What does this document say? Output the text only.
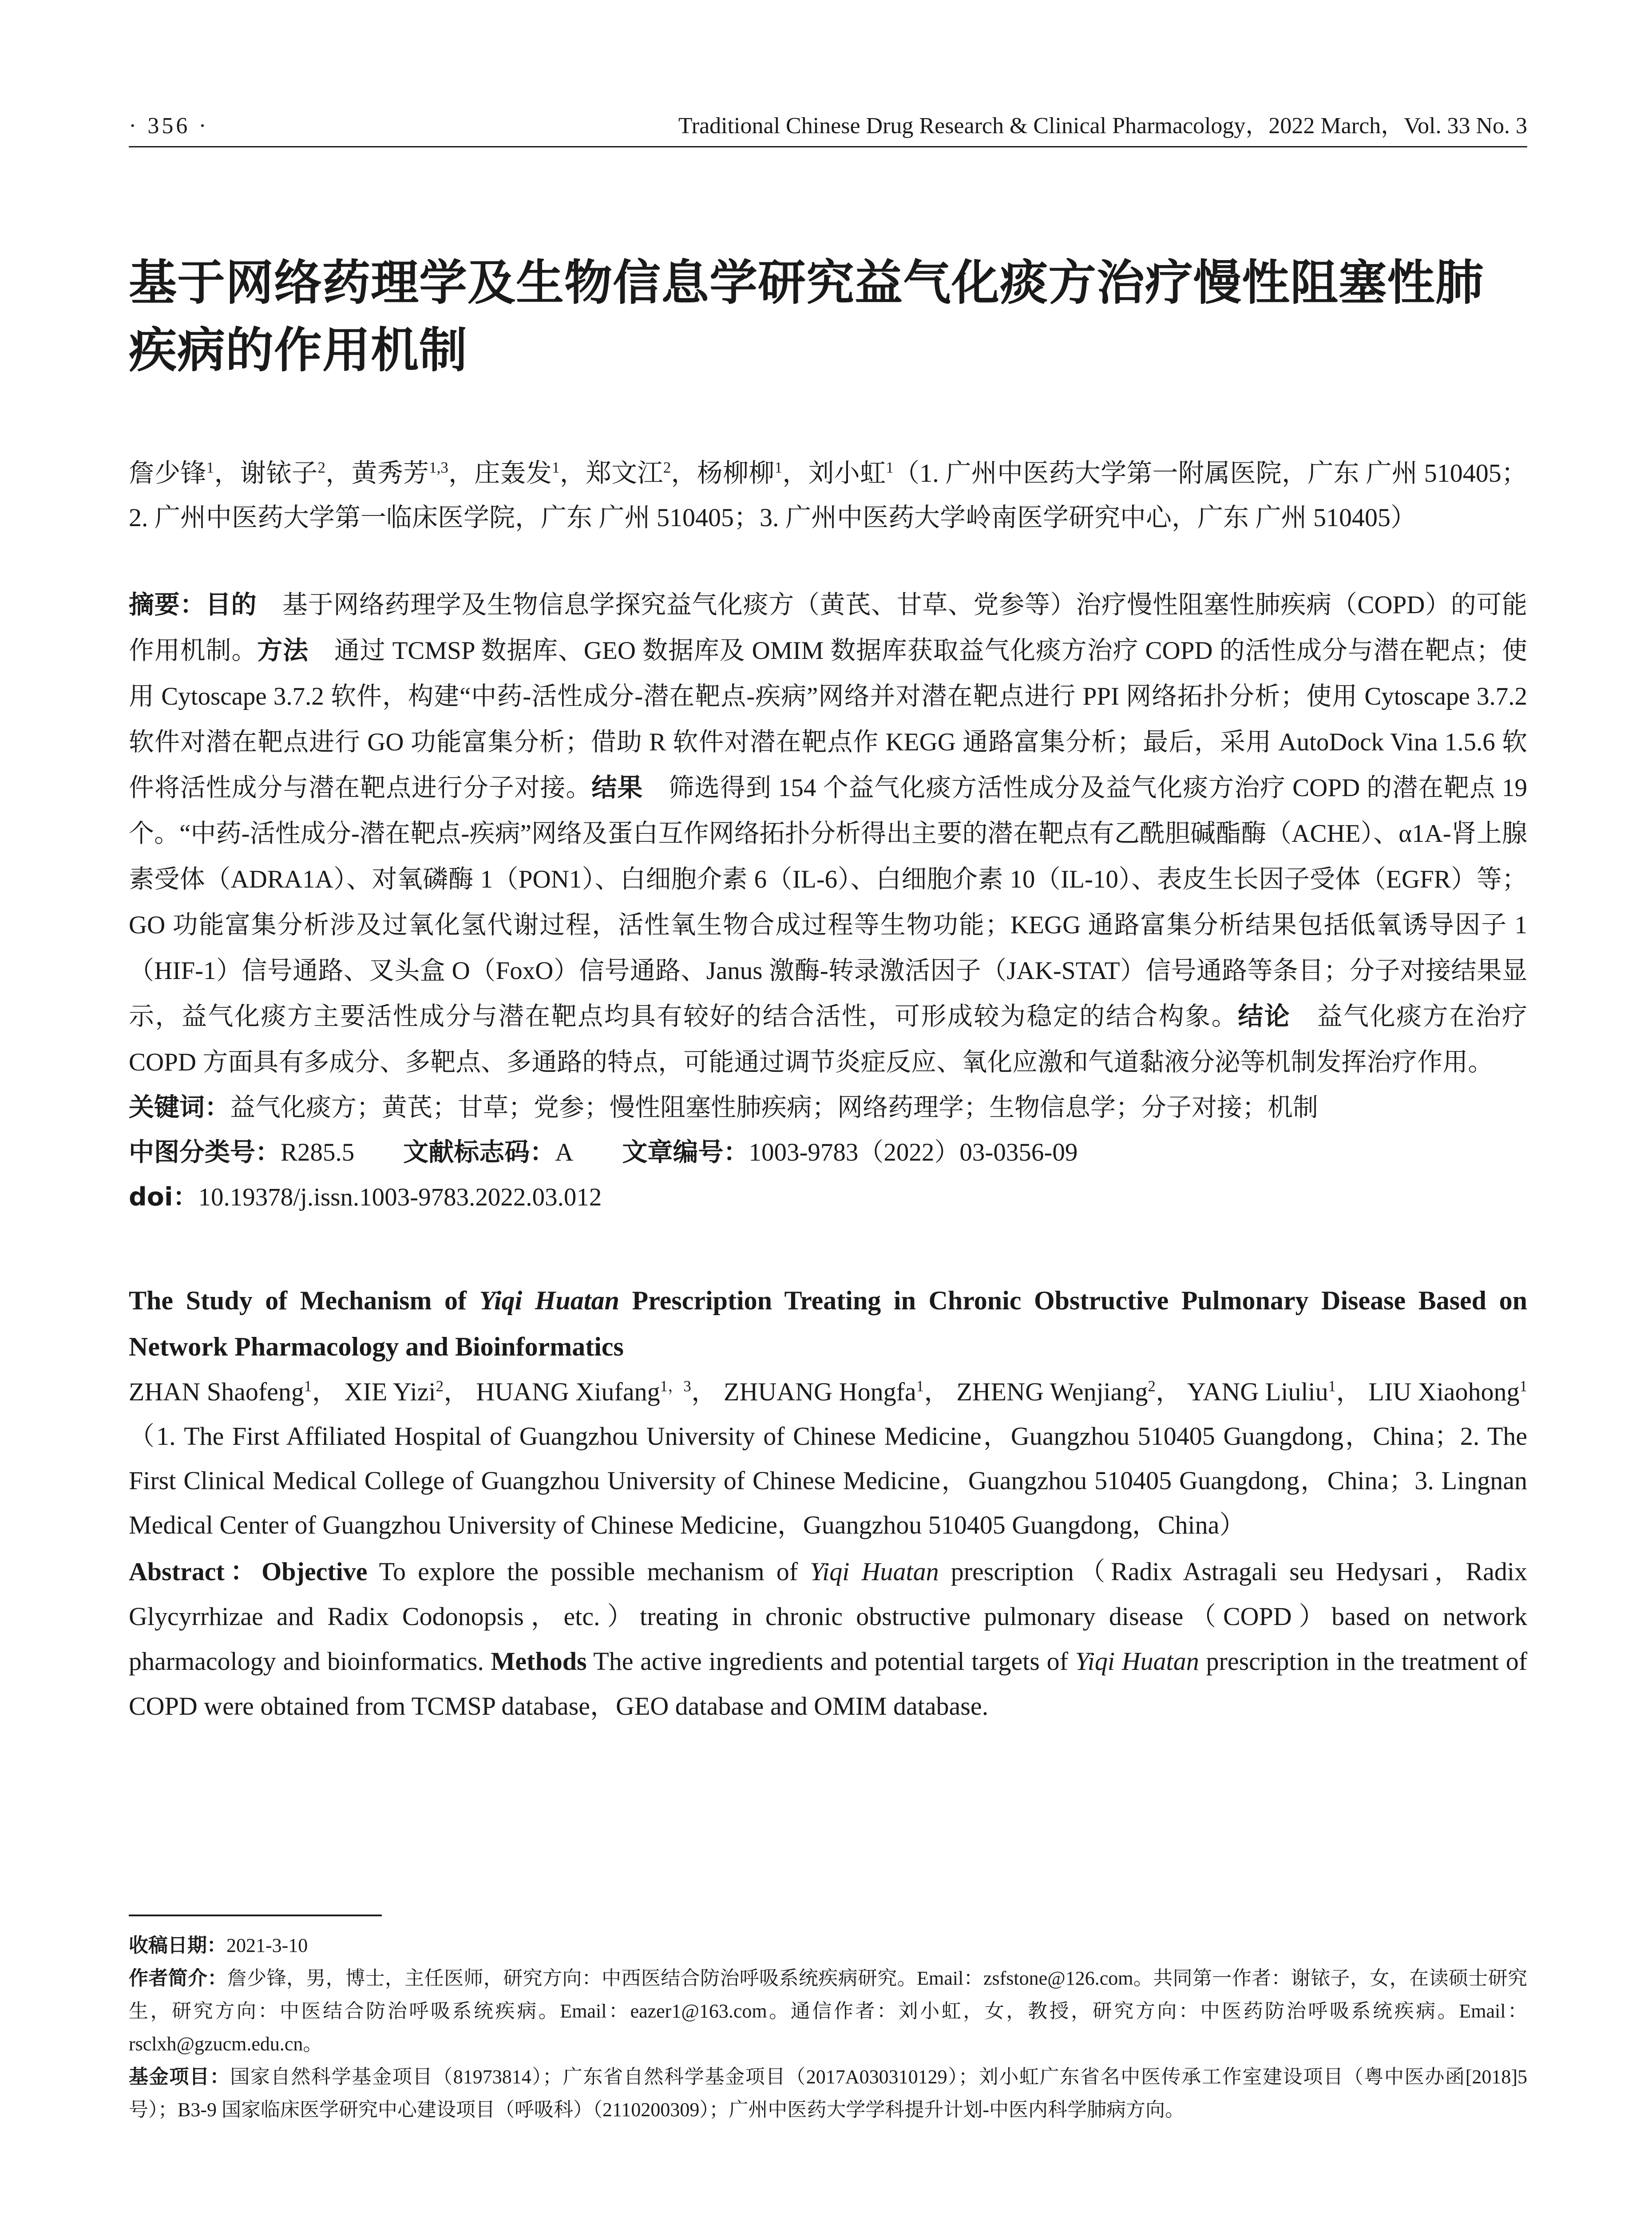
· 356 ·	Traditional Chinese Drug Research & Clinical Pharmacology，2022 March，Vol. 33 No. 3
基于网络药理学及生物信息学研究益气化痰方治疗慢性阻塞性肺疾病的作用机制
詹少锋$^1$，谢铱子$^2$，黄秀芳$^{1,3}$，庄轰发$^1$，郑文江$^2$，杨柳柳$^1$，刘小虹$^1$（1. 广州中医药大学第一附属医院，广东 广州 510405；2. 广州中医药大学第一临床医学院，广东 广州 510405；3. 广州中医药大学岭南医学研究中心，广东 广州 510405）
摘要：目的  基于网络药理学及生物信息学探究益气化痰方（黄芪、甘草、党参等）治疗慢性阻塞性肺疾病（COPD）的可能作用机制。方法  通过 TCMSP 数据库、GEO 数据库及 OMIM 数据库获取益气化痰方治疗 COPD 的活性成分与潜在靶点；使用 Cytoscape 3.7.2 软件，构建“中药-活性成分-潜在靶点-疾病”网络并对潜在靶点进行 PPI 网络拓扑分析；使用 Cytoscape 3.7.2 软件对潜在靶点进行 GO 功能富集分析；借助 R 软件对潜在靶点作 KEGG 通路富集分析；最后，采用 AutoDock Vina 1.5.6 软件将活性成分与潜在靶点进行分子对接。结果  筛选得到 154 个益气化痰方活性成分及益气化痰方治疗 COPD 的潜在靶点 19 个。“中药-活性成分-潜在靶点-疾病”网络及蛋白互作网络拓扑分析得出主要的潜在靶点有乙酰胆碱酯酶（ACHE）、α1A-肾上腺素受体（ADRA1A）、对氧磷酶 1（PON1）、白细胞介素 6（IL-6）、白细胞介素 10（IL-10）、表皮生长因子受体（EGFR）等；GO 功能富集分析涉及过氧化氢代谢过程，活性氧生物合成过程等生物功能；KEGG 通路富集分析结果包括低氧诱导因子 1（HIF-1）信号通路、叉头盒 O（FoxO）信号通路、Janus 激酶-转录激活因子（JAK-STAT）信号通路等条目；分子对接结果显示，益气化痰方主要活性成分与潜在靶点均具有较好的结合活性，可形成较为稳定的结合构象。结论  益气化痰方在治疗 COPD 方面具有多成分、多靶点、多通路的特点，可能通过调节炎症反应、氧化应激和气道黏液分泌等机制发挥治疗作用。
关键词：益气化痰方；黄芪；甘草；党参；慢性阻塞性肺疾病；网络药理学；生物信息学；分子对接；机制
中图分类号：R285.5 文献标志码：A 文章编号：1003-9783（2022）03-0356-09
doi：10.19378/j.issn.1003-9783.2022.03.012
The Study of Mechanism of Yiqi Huatan Prescription Treating in Chronic Obstructive Pulmonary Disease Based on Network Pharmacology and Bioinformatics
ZHAN Shaofeng$^1$， XIE Yizi$^2$， HUANG Xiufang$^{1,3}$， ZHUANG Hongfa$^1$， ZHENG Wenjiang$^2$， YANG Liuliu$^1$， LIU Xiaohong$^1$（1. The First Affiliated Hospital of Guangzhou University of Chinese Medicine，Guangzhou 510405 Guangdong，China；2. The First Clinical Medical College of Guangzhou University of Chinese Medicine，Guangzhou 510405 Guangdong，China；3. Lingnan Medical Center of Guangzhou University of Chinese Medicine，Guangzhou 510405 Guangdong，China）
Abstract：Objective To explore the possible mechanism of Yiqi Huatan prescription（Radix Astragali seu Hedysari，Radix Glycyrrhizae and Radix Codonopsis，etc.）treating in chronic obstructive pulmonary disease（COPD）based on network pharmacology and bioinformatics. Methods The active ingredients and potential targets of Yiqi Huatan prescription in the treatment of COPD were obtained from TCMSP database，GEO database and OMIM database.

收稿日期：2021-3-10

作者简介：詹少锋，男，博士，主任医师，研究方向：中西医结合防治呼吸系统疾病研究。Email：zsfstone@126.com。共同第一作者：谢铱子，女，在读硕士研究生，研究方向：中医结合防治呼吸系统疾病。Email：eazer1@163.com。通信作者：刘小虹，女，教授，研究方向：中医药防治呼吸系统疾病。Email：rsclxh@gzucm.edu.cn。

基金项目：国家自然科学基金项目（81973814）；广东省自然科学基金项目（2017A030310129）；刘小虹广东省名中医传承工作室建设项目（粤中医办函[2018]5 号）；B3-9 国家临床医学研究中心建设项目（呼吸科）（2110200309）；广州中医药大学学科提升计划-中医内科学肺病方向。
